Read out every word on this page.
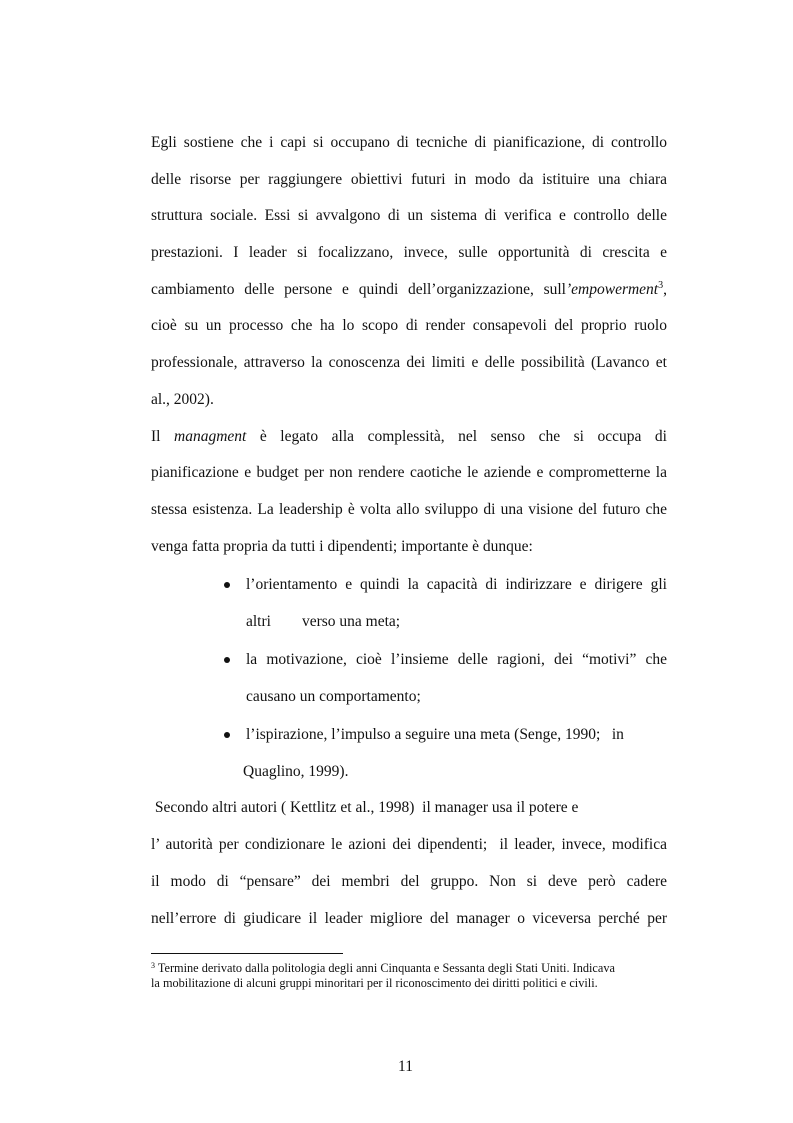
Egli sostiene che i capi si occupano di tecniche di pianificazione, di controllo
delle risorse per raggiungere obiettivi futuri in modo da istituire una chiara
struttura sociale. Essi si avvalgono di un sistema di verifica e controllo delle
prestazioni. I leader si focalizzano, invece, sulle opportunità di crescita e
cambiamento delle persone e quindi dell’organizzazione, sull’empowerment$^3$,
cioè su un processo che ha lo scopo di render consapevoli del proprio ruolo
professionale, attraverso la conoscenza dei limiti e delle possibilità (Lavanco et
al., 2002).
Il managment è legato alla complessità, nel senso che si occupa di
pianificazione e budget per non rendere caotiche le aziende e comprometterne la
stessa esistenza. La leadership è volta allo sviluppo di una visione del futuro che
venga fatta propria da tutti i dipendenti; importante è dunque:
l’orientamento e quindi la capacità di indirizzare e dirigere gli
altri        verso una meta;
la motivazione, cioè l’insieme delle ragioni, dei “motivi” che
causano un comportamento;
l’ispirazione, l’impulso a seguire una meta (Senge, 1990;   in
Quaglino, 1999).
Secondo altri autori ( Kettlitz et al., 1998)  il manager usa il potere e
l’ autorità per condizionare le azioni dei dipendenti;  il leader, invece, modifica
il modo di “pensare” dei membri del gruppo. Non si deve però cadere
nell’errore di giudicare il leader migliore del manager o viceversa perché per
$^3$ Termine derivato dalla politologia degli anni Cinquanta e Sessanta degli Stati Uniti. Indicava
la mobilitazione di alcuni gruppi minoritari per il riconoscimento dei diritti politici e civili.
11
